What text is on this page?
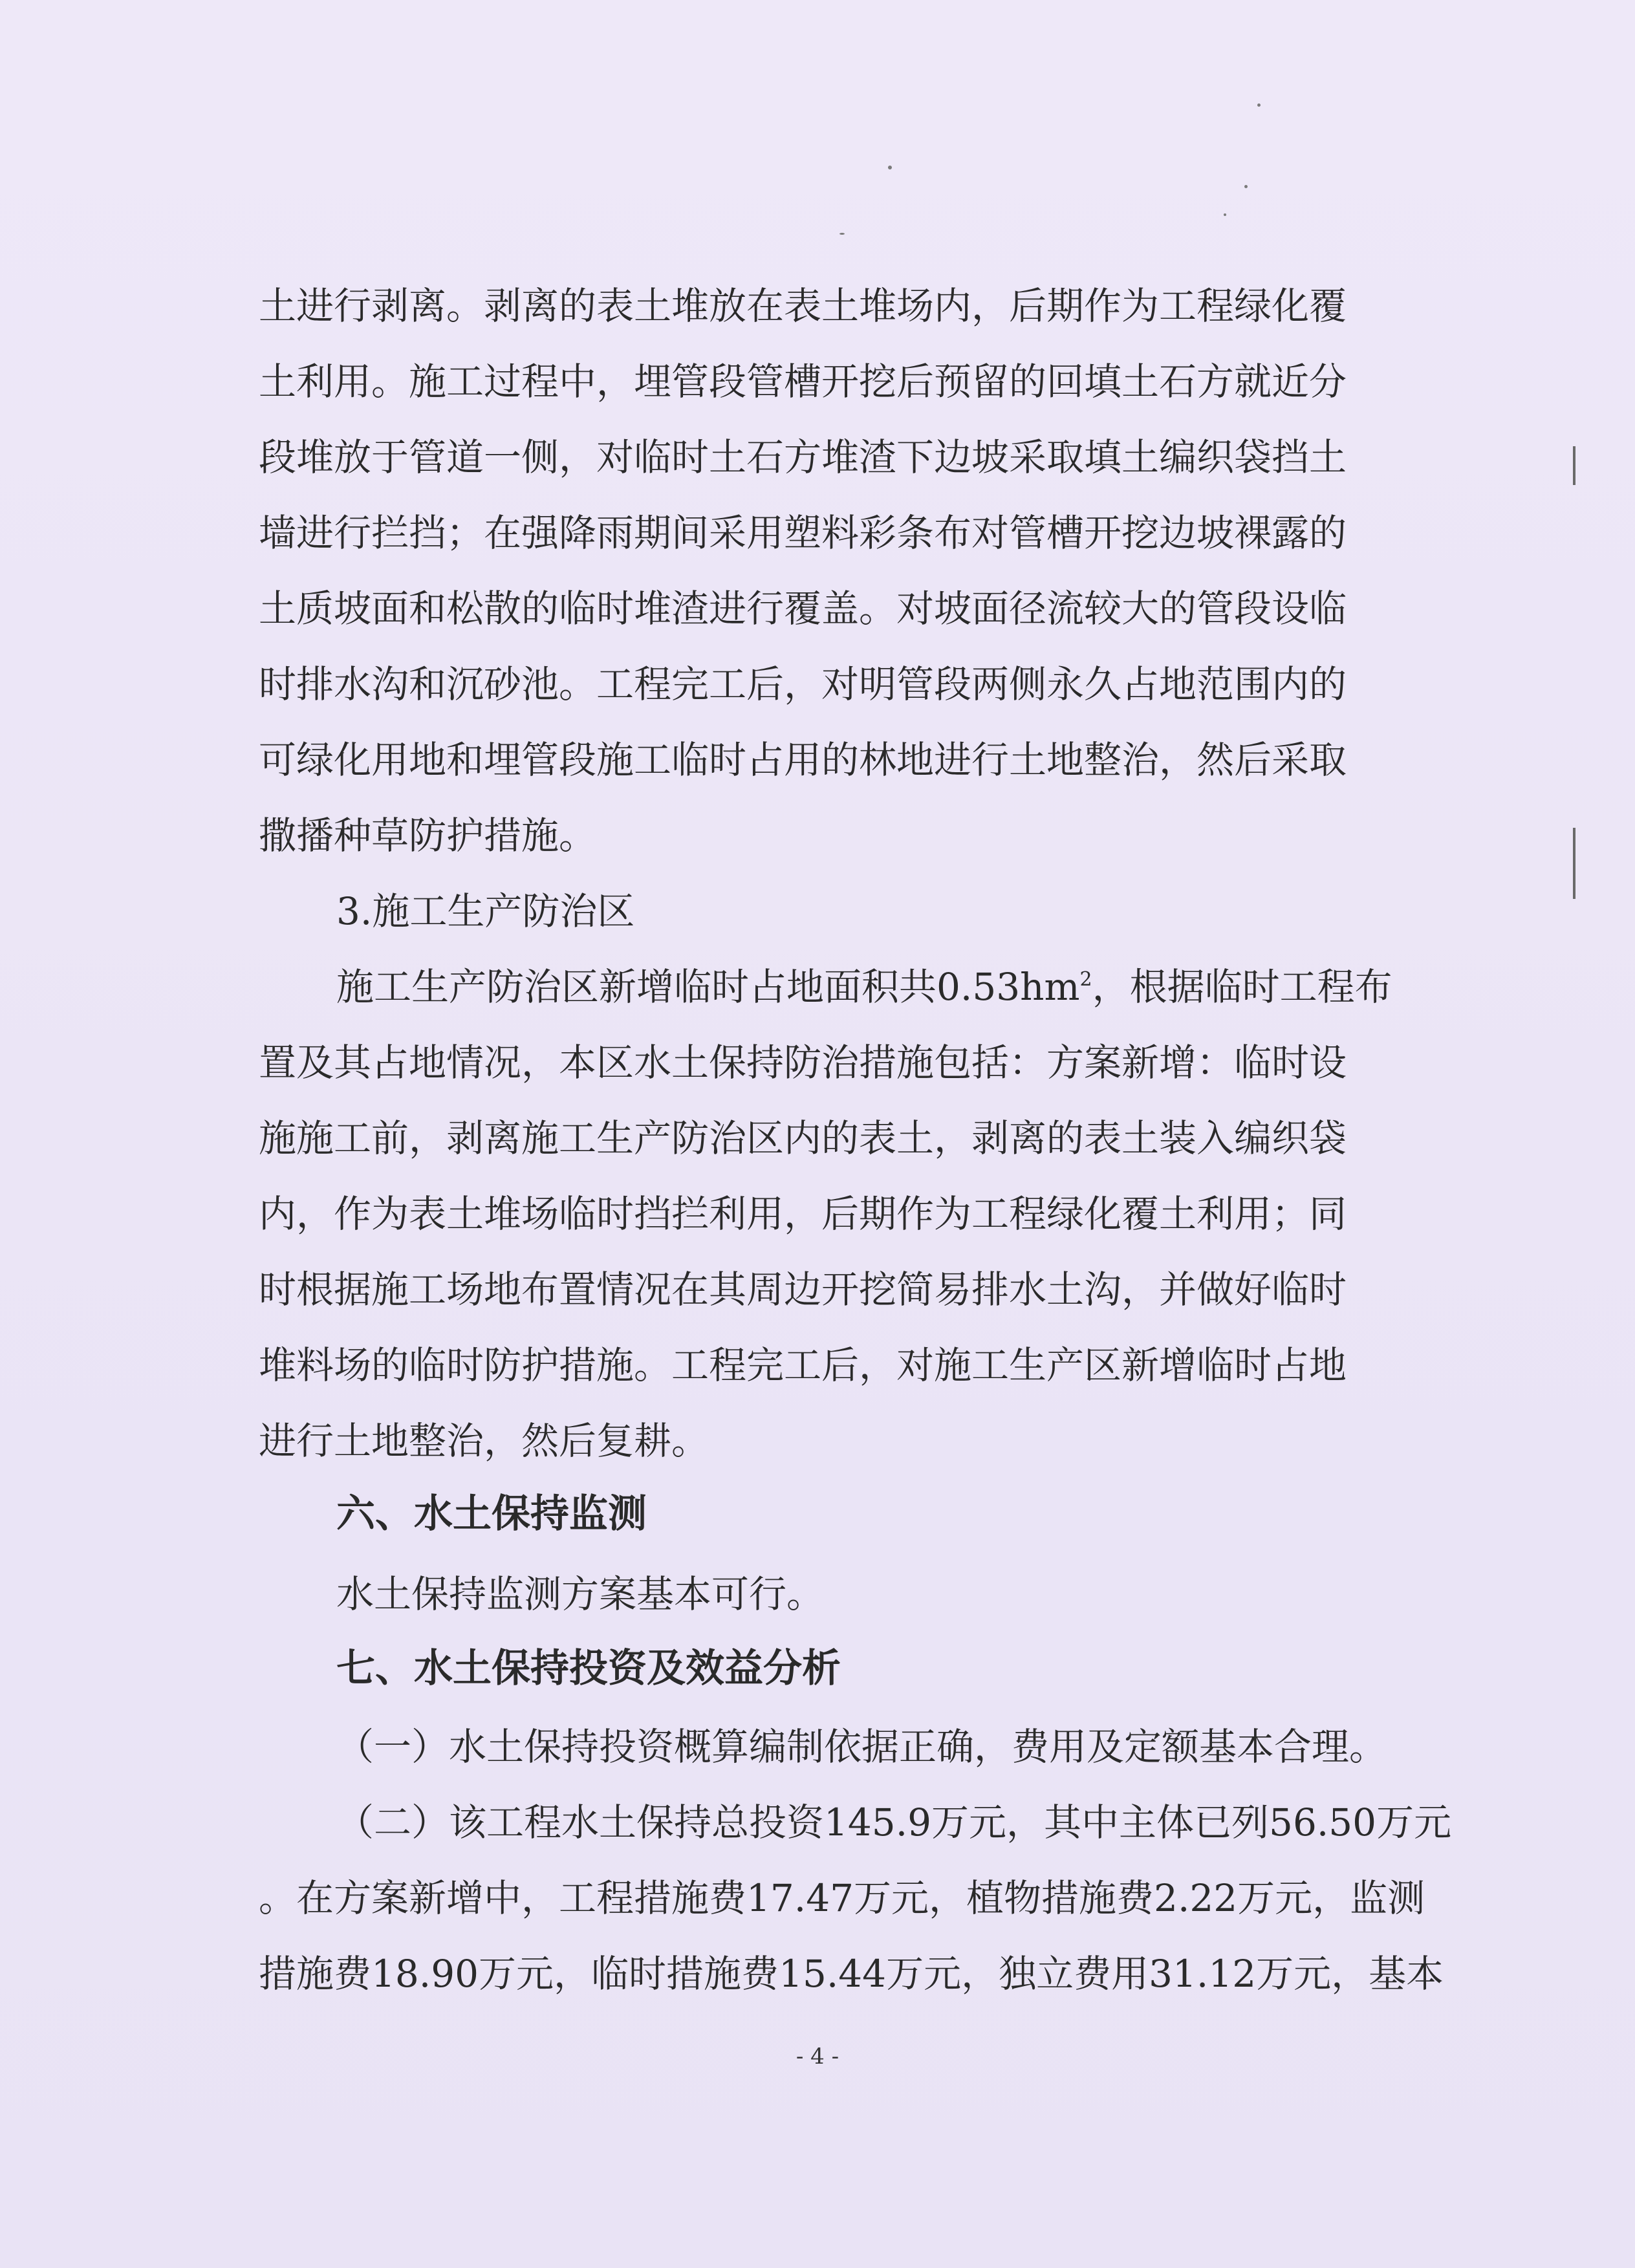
土进行剥离。剥离的表土堆放在表土堆场内，后期作为工程绿化覆
土利用。施工过程中，埋管段管槽开挖后预留的回填土石方就近分
段堆放于管道一侧，对临时土石方堆渣下边坡采取填土编织袋挡土
墙进行拦挡；在强降雨期间采用塑料彩条布对管槽开挖边坡裸露的
土质坡面和松散的临时堆渣进行覆盖。对坡面径流较大的管段设临
时排水沟和沉砂池。工程完工后，对明管段两侧永久占地范围内的
可绿化用地和埋管段施工临时占用的林地进行土地整治，然后采取
撒播种草防护措施。
3.施工生产防治区
施工生产防治区新增临时占地面积共$0.53hm^2$，根据临时工程布
置及其占地情况，本区水土保持防治措施包括：方案新增：临时设
施施工前，剥离施工生产防治区内的表土，剥离的表土装入编织袋
内，作为表土堆场临时挡拦利用，后期作为工程绿化覆土利用；同
时根据施工场地布置情况在其周边开挖简易排水土沟，并做好临时
堆料场的临时防护措施。工程完工后，对施工生产区新增临时占地
进行土地整治，然后复耕。
六、水土保持监测
水土保持监测方案基本可行。
七、水土保持投资及效益分析
（一）水土保持投资概算编制依据正确，费用及定额基本合理。
（二）该工程水土保持总投资145.9万元，其中主体已列56.50万元
。在方案新增中，工程措施费17.47万元，植物措施费2.22万元，监测
措施费18.90万元，临时措施费15.44万元，独立费用31.12万元，基本
- 4 -
